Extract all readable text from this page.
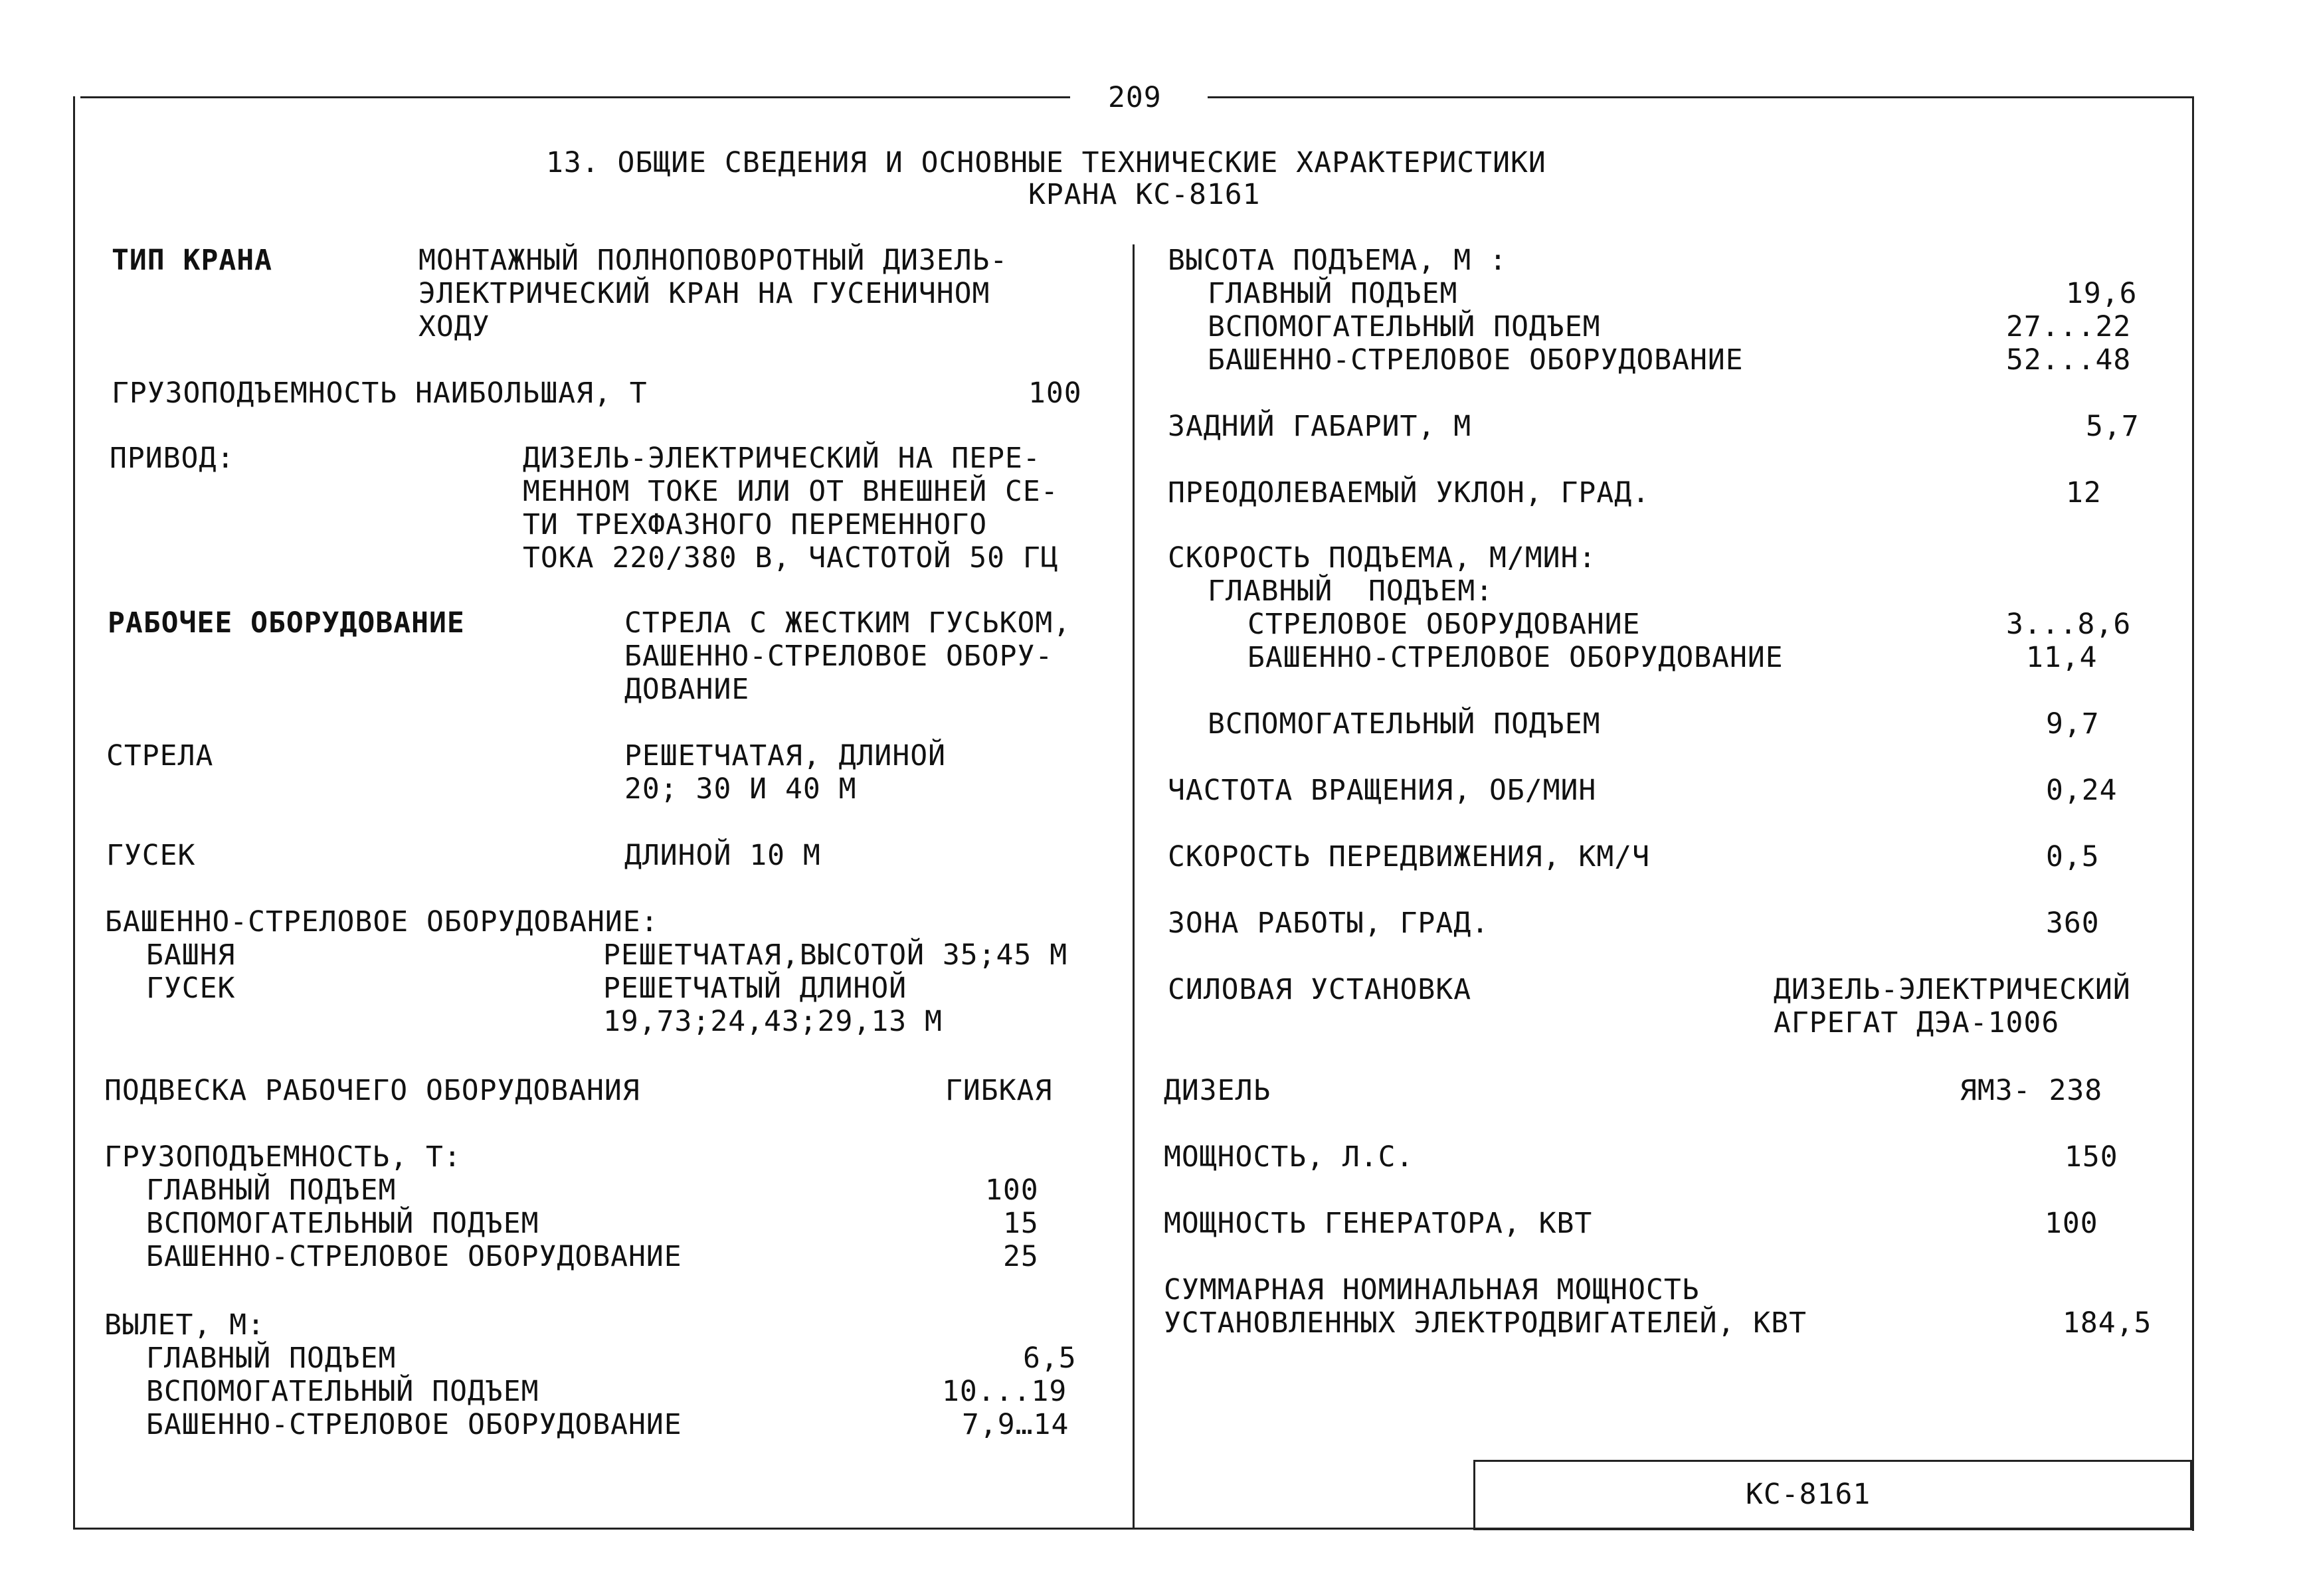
КС-8161
209
13. ОБЩИЕ СВЕДЕНИЯ И ОСНОВНЫЕ ТЕХНИЧЕСКИЕ ХАРАКТЕРИСТИКИ
КРАНА КС-8161
ТИП КРАНА	МОНТАЖНЫЙ ПОЛНОПОВОРОТНЫЙ ДИЗЕЛЬ-
ЭЛЕКТРИЧЕСКИЙ КРАН НА ГУСЕНИЧНОМ
ХОДУ
ГРУЗОПОДЪЕМНОСТЬ НАИБОЛЬШАЯ, Т	100
ПРИВОД:	ДИЗЕЛЬ-ЭЛЕКТРИЧЕСКИЙ НА ПЕРЕ-
МЕННОМ ТОКЕ ИЛИ ОТ ВНЕШНЕЙ СЕ-
ТИ ТРЕХФАЗНОГО ПЕРЕМЕННОГО
ТОКА 220/380 В, ЧАСТОТОЙ 50 ГЦ
РАБОЧЕЕ ОБОРУДОВАНИЕ	СТРЕЛА С ЖЕСТКИМ ГУСЬКОМ,
БАШЕННО-СТРЕЛОВОЕ ОБОРУ-
ДОВАНИЕ
СТРЕЛА	РЕШЕТЧАТАЯ, ДЛИНОЙ
20; 30 И 40 М
ГУСЕК	ДЛИНОЙ 10 М
БАШЕННО-СТРЕЛОВОЕ ОБОРУДОВАНИЕ:
БАШНЯ	РЕШЕТЧАТАЯ,ВЫСОТОЙ 35;45 М
ГУСЕК	РЕШЕТЧАТЫЙ ДЛИНОЙ
19,73;24,43;29,13 М
ПОДВЕСКА РАБОЧЕГО ОБОРУДОВАНИЯ	ГИБКАЯ
ГРУЗОПОДЪЕМНОСТЬ, Т:
ГЛАВНЫЙ ПОДЪЕМ	100
ВСПОМОГАТЕЛЬНЫЙ ПОДЪЕМ	15
БАШЕННО-СТРЕЛОВОЕ ОБОРУДОВАНИЕ	25
ВЫЛЕТ, М:
ГЛАВНЫЙ ПОДЪЕМ	6,5
ВСПОМОГАТЕЛЬНЫЙ ПОДЪЕМ	10...19
БАШЕННО-СТРЕЛОВОЕ ОБОРУДОВАНИЕ	7,9…14
ВЫСОТА ПОДЪЕМА, М :
ГЛАВНЫЙ ПОДЪЕМ	19,6
ВСПОМОГАТЕЛЬНЫЙ ПОДЪЕМ	27...22
БАШЕННО-СТРЕЛОВОЕ ОБОРУДОВАНИЕ	52...48
ЗАДНИЙ ГАБАРИТ, М	5,7
ПРЕОДОЛЕВАЕМЫЙ УКЛОН, ГРАД.	12
СКОРОСТЬ ПОДЪЕМА, М/МИН:
ГЛАВНЫЙ  ПОДЪЕМ:
СТРЕЛОВОЕ ОБОРУДОВАНИЕ	3...8,6
БАШЕННО-СТРЕЛОВОЕ ОБОРУДОВАНИЕ	11,4
ВСПОМОГАТЕЛЬНЫЙ ПОДЪЕМ	9,7
ЧАСТОТА ВРАЩЕНИЯ, ОБ/МИН	0,24
СКОРОСТЬ ПЕРЕДВИЖЕНИЯ, КМ/Ч	0,5
ЗОНА РАБОТЫ, ГРАД.	360
СИЛОВАЯ УСТАНОВКА	ДИЗЕЛЬ-ЭЛЕКТРИЧЕСКИЙ
АГРЕГАТ ДЭА-1006
ДИЗЕЛЬ	ЯМЗ- 238
МОЩНОСТЬ, Л.С.	150
МОЩНОСТЬ ГЕНЕРАТОРА, КВТ	100
СУММАРНАЯ НОМИНАЛЬНАЯ МОЩНОСТЬ
УСТАНОВЛЕННЫХ ЭЛЕКТРОДВИГАТЕЛЕЙ, КВТ	184,5
